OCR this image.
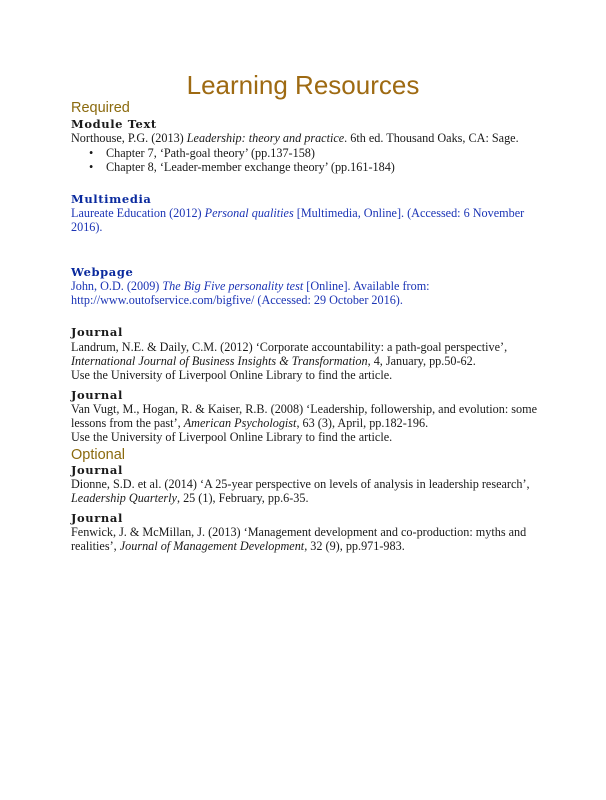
Learning Resources
Required
Module Text
Northouse, P.G. (2013) Leadership: theory and practice. 6th ed. Thousand Oaks, CA: Sage.
• Chapter 7, ‘Path-goal theory’ (pp.137-158)
• Chapter 8, ‘Leader-member exchange theory’ (pp.161-184)
Multimedia
Laureate Education (2012) Personal qualities [Multimedia, Online]. (Accessed: 6 November
2016).
Webpage
John, O.D. (2009) The Big Five personality test [Online]. Available from:
http://www.outofservice.com/bigfive/ (Accessed: 29 October 2016).
Journal
Landrum, N.E. & Daily, C.M. (2012) ‘Corporate accountability: a path-goal perspective’,
International Journal of Business Insights & Transformation, 4, January, pp.50-62.
Use the University of Liverpool Online Library to find the article.
Journal
Van Vugt, M., Hogan, R. & Kaiser, R.B. (2008) ‘Leadership, followership, and evolution: some
lessons from the past’, American Psychologist, 63 (3), April, pp.182-196.
Use the University of Liverpool Online Library to find the article.
Optional
Journal
Dionne, S.D. et al. (2014) ‘A 25-year perspective on levels of analysis in leadership research’,
Leadership Quarterly, 25 (1), February, pp.6-35.
Journal
Fenwick, J. & McMillan, J. (2013) ‘Management development and co-production: myths and
realities’, Journal of Management Development, 32 (9), pp.971-983.
